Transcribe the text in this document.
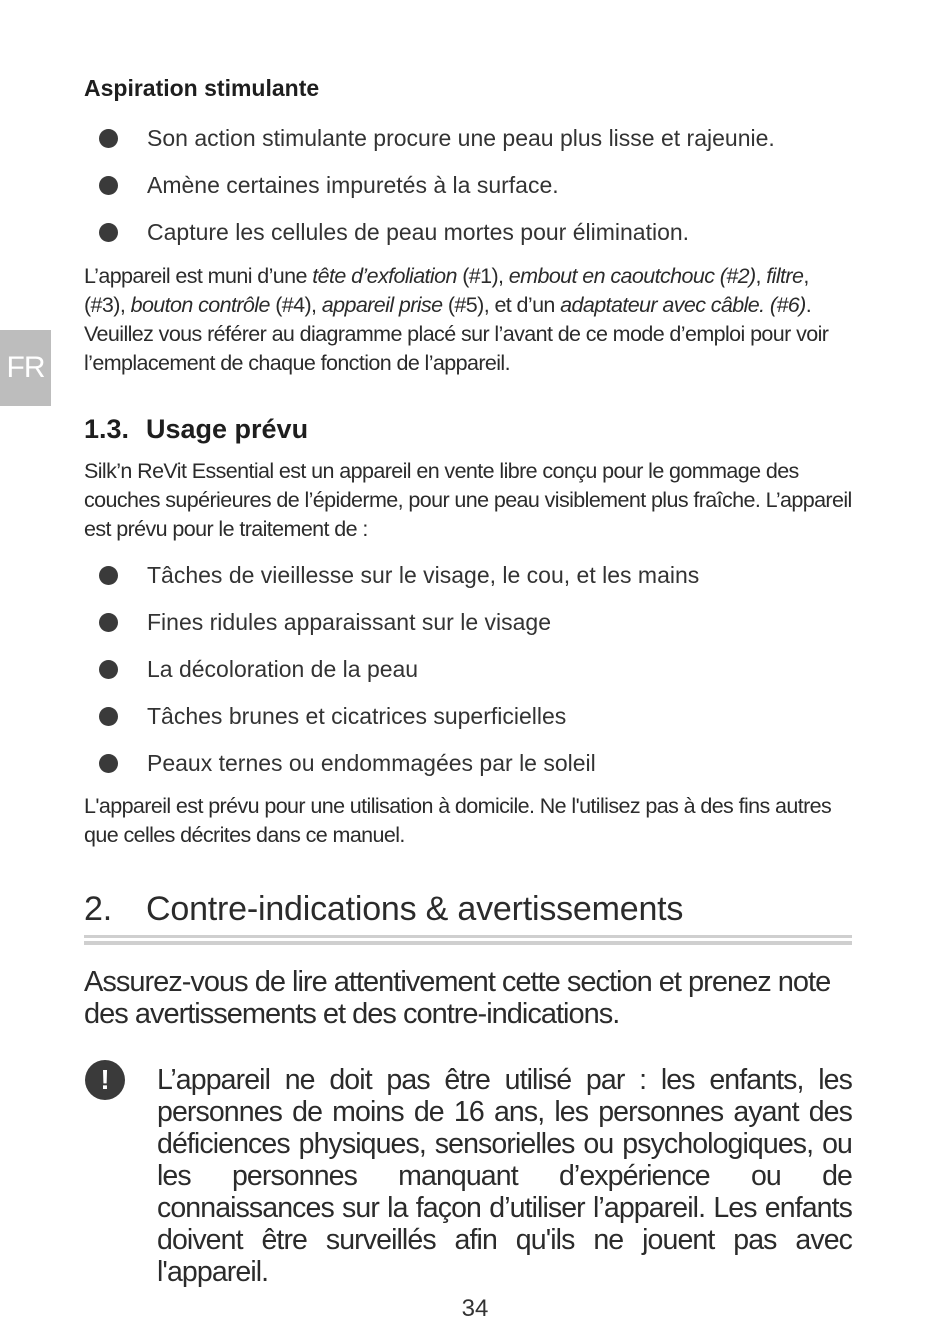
FR
Aspiration stimulante
Son action stimulante procure une peau plus lisse et rajeunie.
Amène certaines impuretés à la surface.
Capture les cellules de peau mortes pour élimination.

L’appareil est muni d’une tête d’exfoliation (#1), embout en caoutchouc (#2), filtre, (#3), bouton contrôle (#4), appareil prise (#5), et d’un adaptateur avec câble. (#6). Veuillez vous référer au diagramme placé sur l’avant de ce mode d’emploi pour voir l’emplacement de chaque fonction de l’appareil.

1.3. Usage prévu

Silk’n ReVit Essential est un appareil en vente libre conçu pour le gommage des couches supérieures de l’épiderme, pour une peau visiblement plus fraîche. L’appareil est prévu pour le traitement de :

Tâches de vieillesse sur le visage, le cou, et les mains
Fines ridules apparaissant sur le visage
La décoloration de la peau
Tâches brunes et cicatrices superficielles
Peaux ternes ou endommagées par le soleil

L'appareil est prévu pour une utilisation à domicile. Ne l'utilisez pas à des fins autres que celles décrites dans ce manuel.

2. Contre-indications & avertissements

Assurez-vous de lire attentivement cette section et prenez note des avertissements et des contre-indications.

!	L’appareil ne doit pas être utilisé par : les enfants, les personnes de moins de 16 ans, les personnes ayant des déficiences physiques, sensorielles ou psychologiques, ou les personnes manquant d’expérience ou de connaissances sur la façon d’utiliser l’appareil. Les enfants doivent être surveillés afin qu'ils ne jouent pas avec l'appareil.

34
